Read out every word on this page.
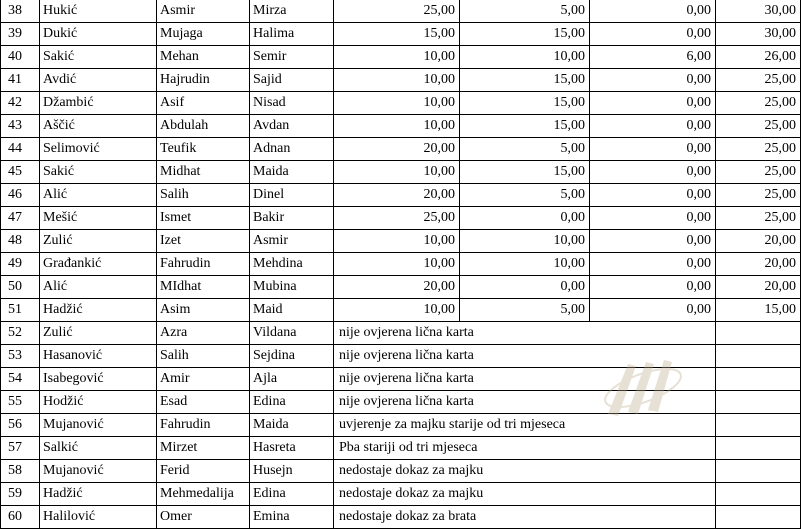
38	Hukić	Asmir	Mirza	25,00	5,00	0,00	30,00
39	Dukić	Mujaga	Halima	15,00	15,00	0,00	30,00
40	Sakić	Mehan	Semir	10,00	10,00	6,00	26,00
41	Avdić	Hajrudin	Sajid	10,00	15,00	0,00	25,00
42	Džambić	Asif	Nisad	10,00	15,00	0,00	25,00
43	Aščić	Abdulah	Avdan	10,00	15,00	0,00	25,00
44	Selimović	Teufik	Adnan	20,00	5,00	0,00	25,00
45	Sakić	Midhat	Maida	10,00	15,00	0,00	25,00
46	Alić	Salih	Dinel	20,00	5,00	0,00	25,00
47	Mešić	Ismet	Bakir	25,00	0,00	0,00	25,00
48	Zulić	Izet	Asmir	10,00	10,00	0,00	20,00
49	Građankić	Fahrudin	Mehdina	10,00	10,00	0,00	20,00
50	Alić	MIdhat	Mubina	20,00	0,00	0,00	20,00
51	Hadžić	Asim	Maid	10,00	5,00	0,00	15,00
52	Zulić	Azra	Vildana	nije ovjerena lična karta			
53	Hasanović	Salih	Sejdina	nije ovjerena lična karta			
54	Isabegović	Amir	Ajla	nije ovjerena lična karta			
55	Hodžić	Esad	Edina	nije ovjerena lična karta			
56	Mujanović	Fahrudin	Maida	uvjerenje za majku starije od tri mjeseca			
57	Salkić	Mirzet	Hasreta	Pba stariji od tri mjeseca			
58	Mujanović	Ferid	Husejn	nedostaje dokaz za majku			
59	Hadžić	Mehmedalija	Edina	nedostaje dokaz za majku			
60	Halilović	Omer	Emina	nedostaje dokaz za brata			
